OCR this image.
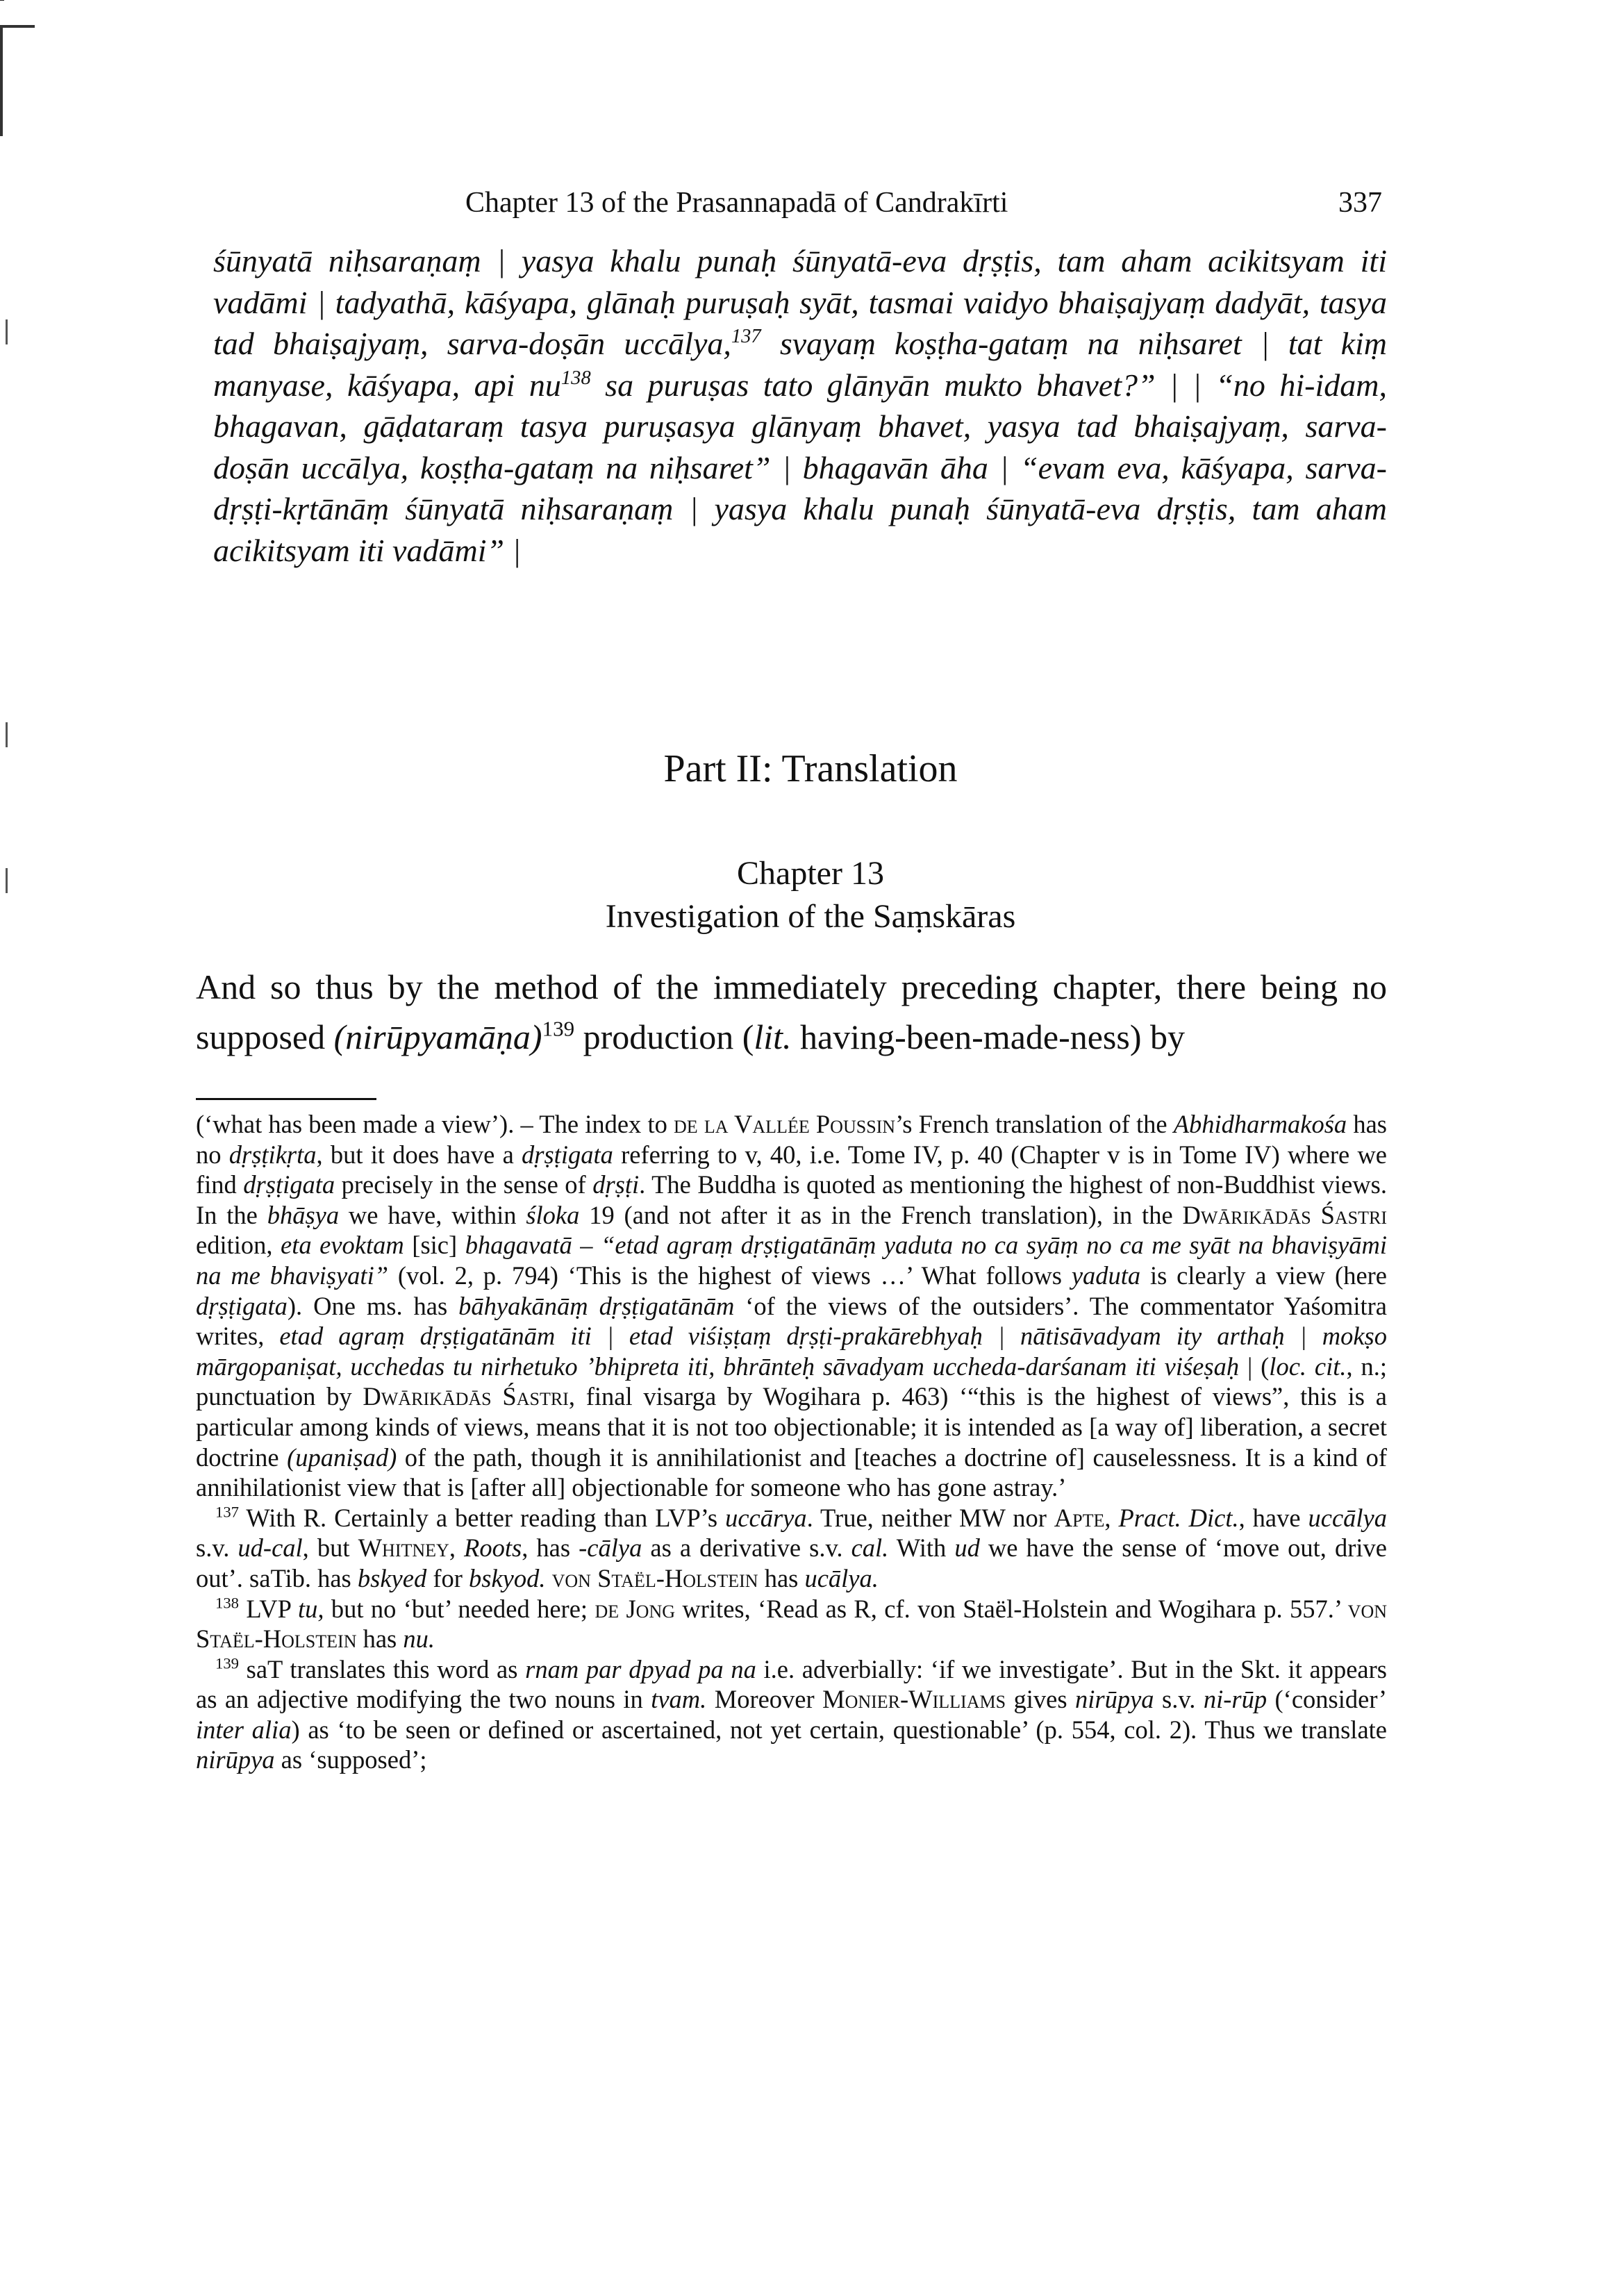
Chapter 13 of the Prasannapadā of Candrakīrti	337

śūnyatā niḥsaraṇaṃ | yasya khalu punaḥ śūnyatā-eva dṛṣṭis, tam aham acikitsyam iti vadāmi | tadyathā, kāśyapa, glānaḥ puruṣaḥ syāt, tasmai vaidyo bhaiṣajyaṃ dadyāt, tasya tad bhaiṣajyaṃ, sarva-doṣān uccālya,$^{137}$ svayaṃ koṣṭha-gataṃ na niḥsaret | tat kiṃ manyase, kāśyapa, api $nu^{138}$ sa puruṣas tato glānyān mukto bhavet?” | | “no hi-idam, bhagavan, gāḍataraṃ tasya puruṣasya glānyaṃ bhavet, yasya tad bhaiṣajyaṃ, sarva-doṣān uccālya, koṣṭha-gataṃ na niḥsaret” | bhagavān āha | “evam eva, kāśyapa, sarva-dṛṣṭi-kṛtānāṃ śūnyatā niḥsaraṇaṃ | yasya khalu punaḥ śūnyatā-eva dṛṣṭis, tam aham acikitsyam iti vadāmi” |

Part II: Translation
Chapter 13
Investigation of the Saṃskāras

And so thus by the method of the immediately preceding chapter, there being no supposed (nirūpyamāṇa)$^{139}$ production (lit. having-been-made-ness) by

(‘what has been made a view’). – The index to de la Vallée Poussin’s French translation of the Abhidharmakośa has no dṛṣṭikṛta, but it does have a dṛṣṭigata referring to v, 40, i.e. Tome IV, p. 40 (Chapter v is in Tome IV) where we find dṛṣṭigata precisely in the sense of dṛṣṭi. The Buddha is quoted as mentioning the highest of non-Buddhist views. In the bhāṣya we have, within śloka 19 (and not after it as in the French translation), in the Dwārikādās Śastri edition, eta evoktam [sic] bhagavatā – “etad agraṃ dṛṣṭigatānāṃ yaduta no ca syāṃ no ca me syāt na bhaviṣyāmi na me bhaviṣyati” (vol. 2, p. 794) ‘This is the highest of views …’ What follows yaduta is clearly a view (here dṛṣṭigata). One ms. has bāhyakānāṃ dṛṣṭigatānām ‘of the views of the outsiders’. The commentator Yaśomitra writes, etad agraṃ dṛṣṭigatānām iti | etad viśiṣṭaṃ dṛṣṭi-prakārebhyaḥ | nātisāvadyam ity arthaḥ | mokṣo mārgopaniṣat, ucchedas tu nirhetuko ’bhipreta iti, bhrānteḥ sāvadyam uccheda-darśanam iti viśeṣaḥ | (loc. cit., n.; punctuation by Dwārikādās Śastri, final visarga by Wogihara p. 463) ‘“this is the highest of views”, this is a particular among kinds of views, means that it is not too objectionable; it is intended as [a way of] liberation, a secret doctrine (upaniṣad) of the path, though it is annihilationist and [teaches a doctrine of] causelessness. It is a kind of annihilationist view that is [after all] objectionable for someone who has gone astray.’

$^{137}$ With R. Certainly a better reading than LVP’s uccārya. True, neither MW nor Apte, Pract. Dict., have uccālya s.v. ud-cal, but Whitney, Roots, has -cālya as a derivative s.v. cal. With ud we have the sense of ‘move out, drive out’. saTib. has bskyed for bskyod. von Staël-Holstein has ucālya.

$^{138}$ LVP tu, but no ‘but’ needed here; de Jong writes, ‘Read as R, cf. von Staël-Holstein and Wogihara p. 557.’ von Staël-Holstein has nu.

$^{139}$ saT translates this word as rnam par dpyad pa na i.e. adverbially: ‘if we investigate’. But in the Skt. it appears as an adjective modifying the two nouns in tvam. Moreover Monier-Williams gives nirūpya s.v. ni-rūp (‘consider’ inter alia) as ‘to be seen or defined or ascertained, not yet certain, questionable’ (p. 554, col. 2). Thus we translate nirūpya as ‘supposed’;
